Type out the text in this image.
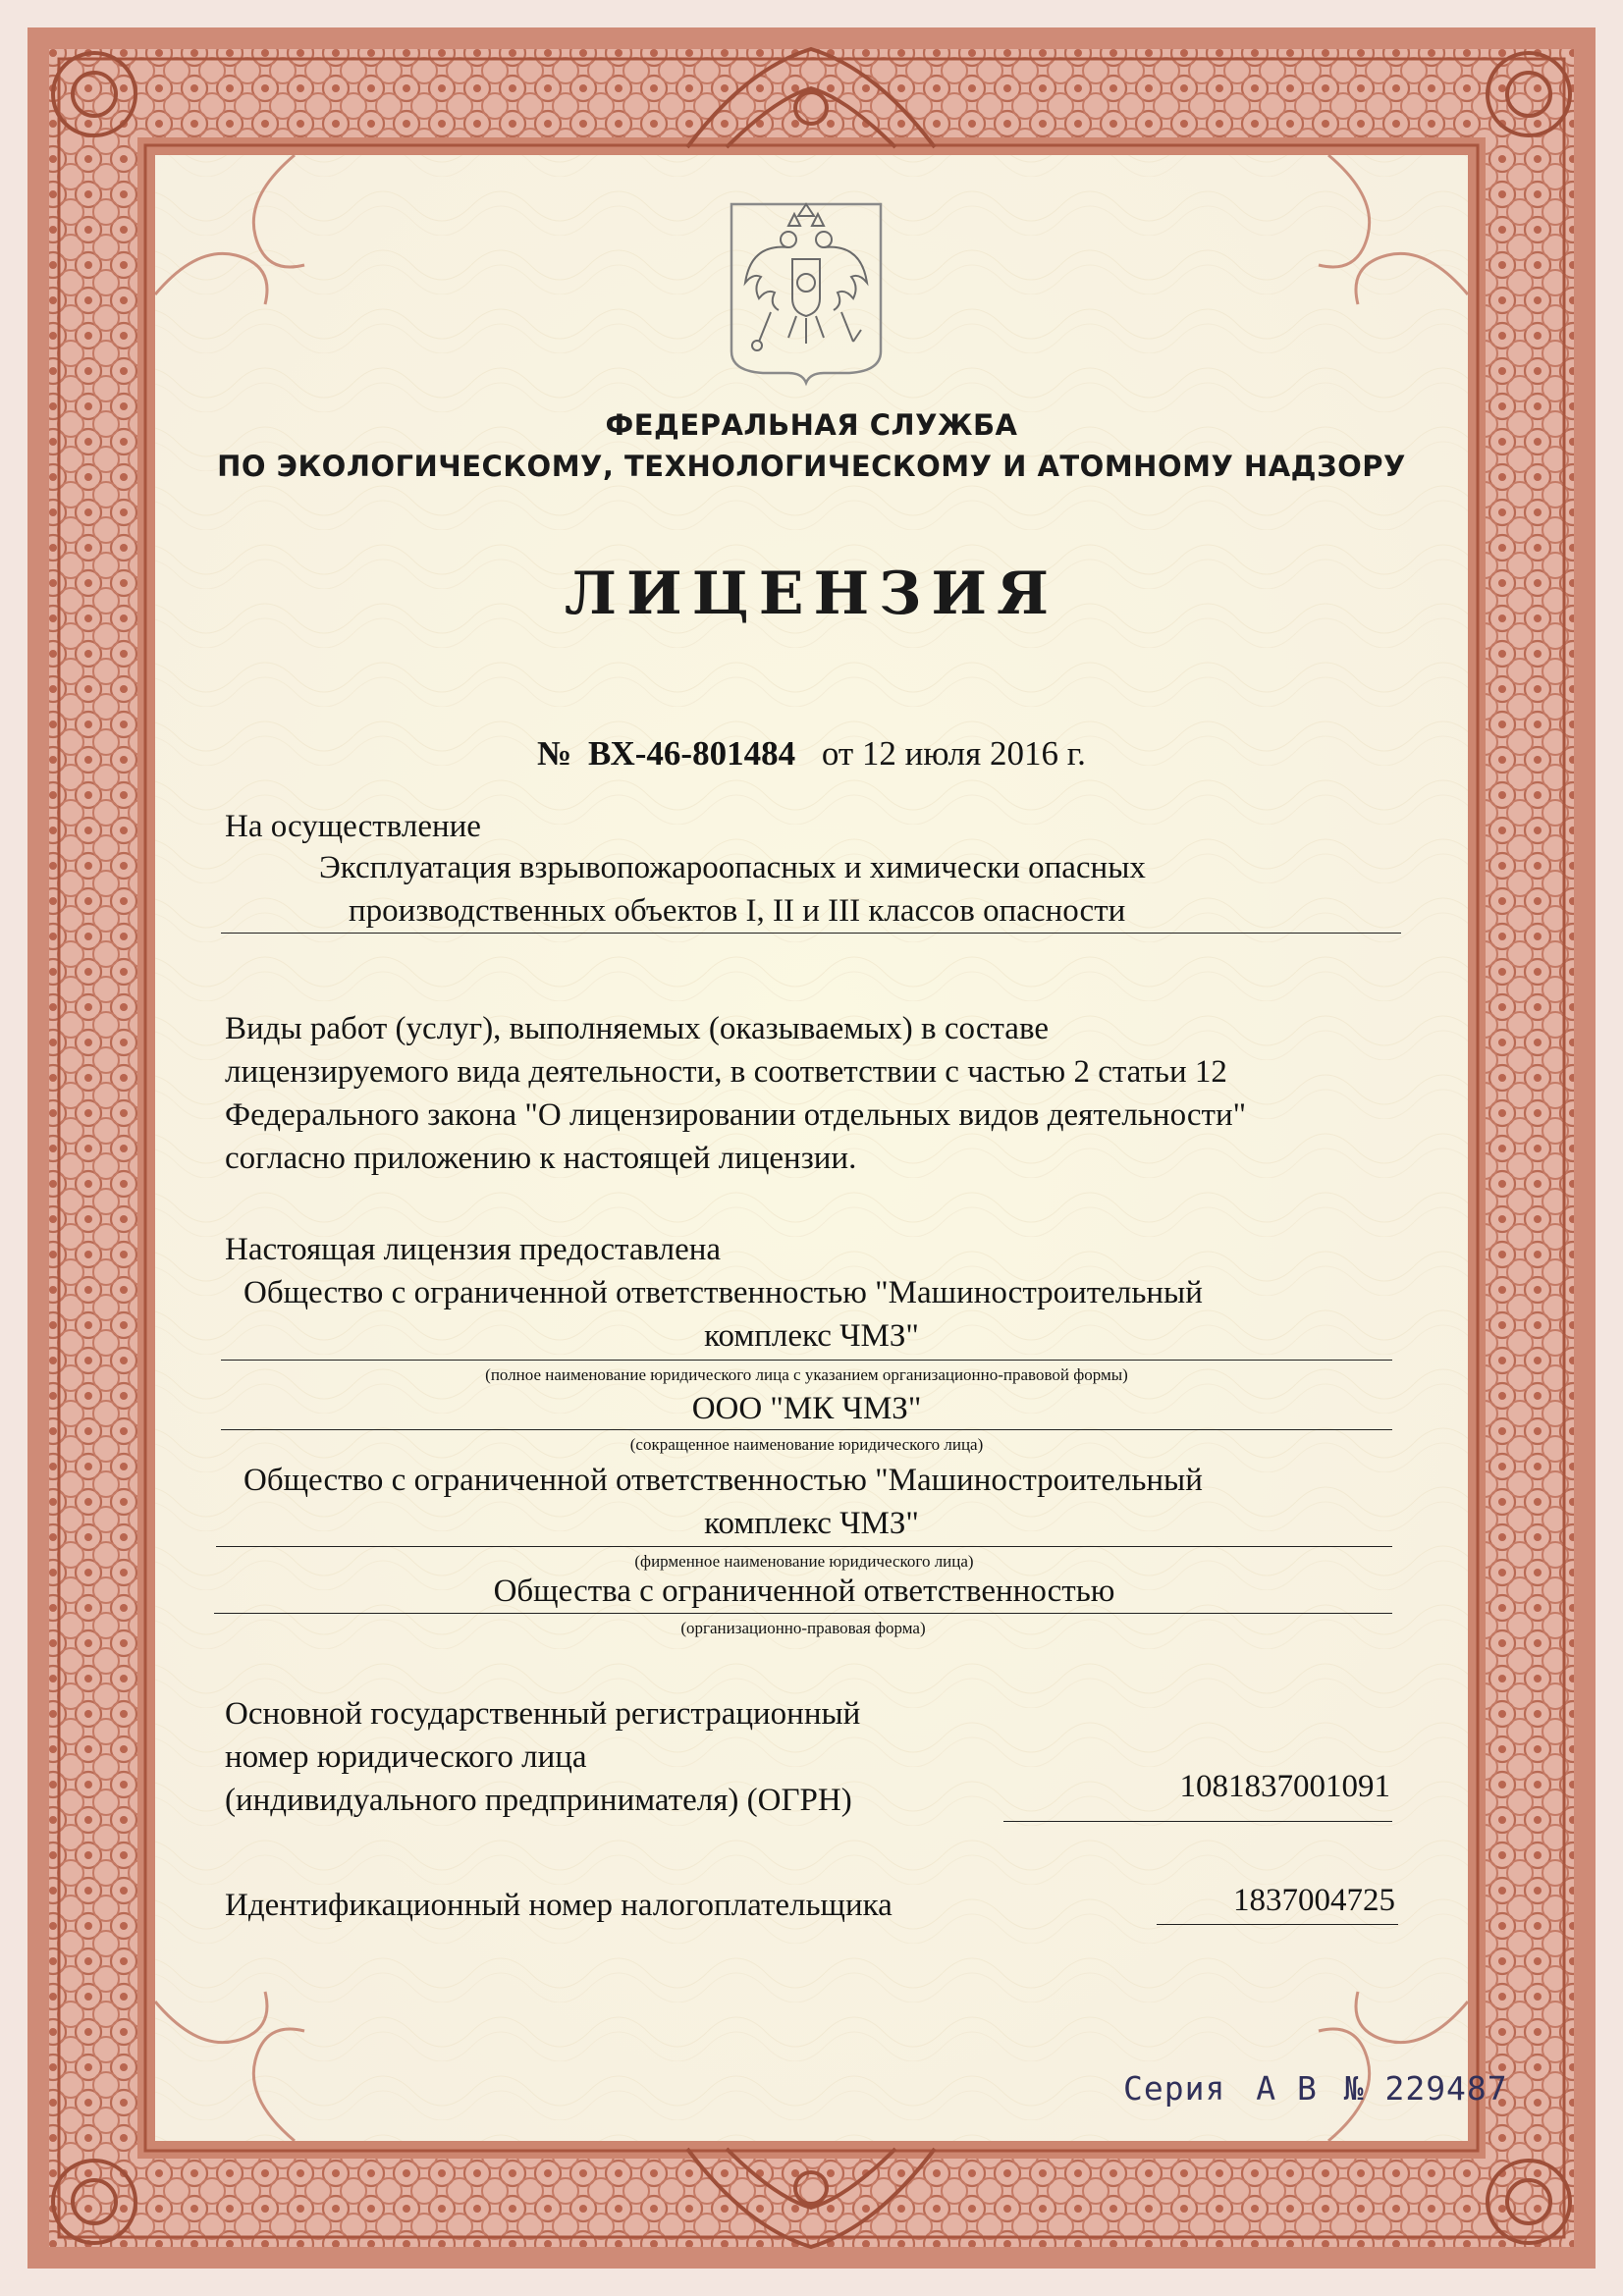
ФЕДЕРАЛЬНАЯ СЛУЖБА
ПО ЭКОЛОГИЧЕСКОМУ, ТЕХНОЛОГИЧЕСКОМУ И АТОМНОМУ НАДЗОРУ
ЛИЦЕНЗИЯ
№ ВХ-46-801484 от 12 июля 2016 г.
На осуществление
Эксплуатация взрывопожароопасных и химически опасных
производственных объектов I, II и III классов опасности
Виды работ (услуг), выполняемых (оказываемых) в составе
лицензируемого вида деятельности, в соответствии с частью 2 статьи 12
Федерального закона "О лицензировании отдельных видов деятельности"
согласно приложению к настоящей лицензии.
Настоящая лицензия предоставлена
Общество с ограниченной ответственностью "Машиностроительный
комплекс ЧМЗ"
(полное наименование юридического лица с указанием организационно-правовой формы)
ООО "МК ЧМЗ"
(сокращенное наименование юридического лица)
Общество с ограниченной ответственностью "Машиностроительный
комплекс ЧМЗ"
(фирменное наименование юридического лица)
Общества с ограниченной ответственностью
(организационно-правовая форма)
Основной государственный регистрационный
номер юридического лица
(индивидуального предпринимателя) (ОГРН)	1081837001091
Идентификационный номер налогоплательщика	1837004725
Серия А В № 229487
